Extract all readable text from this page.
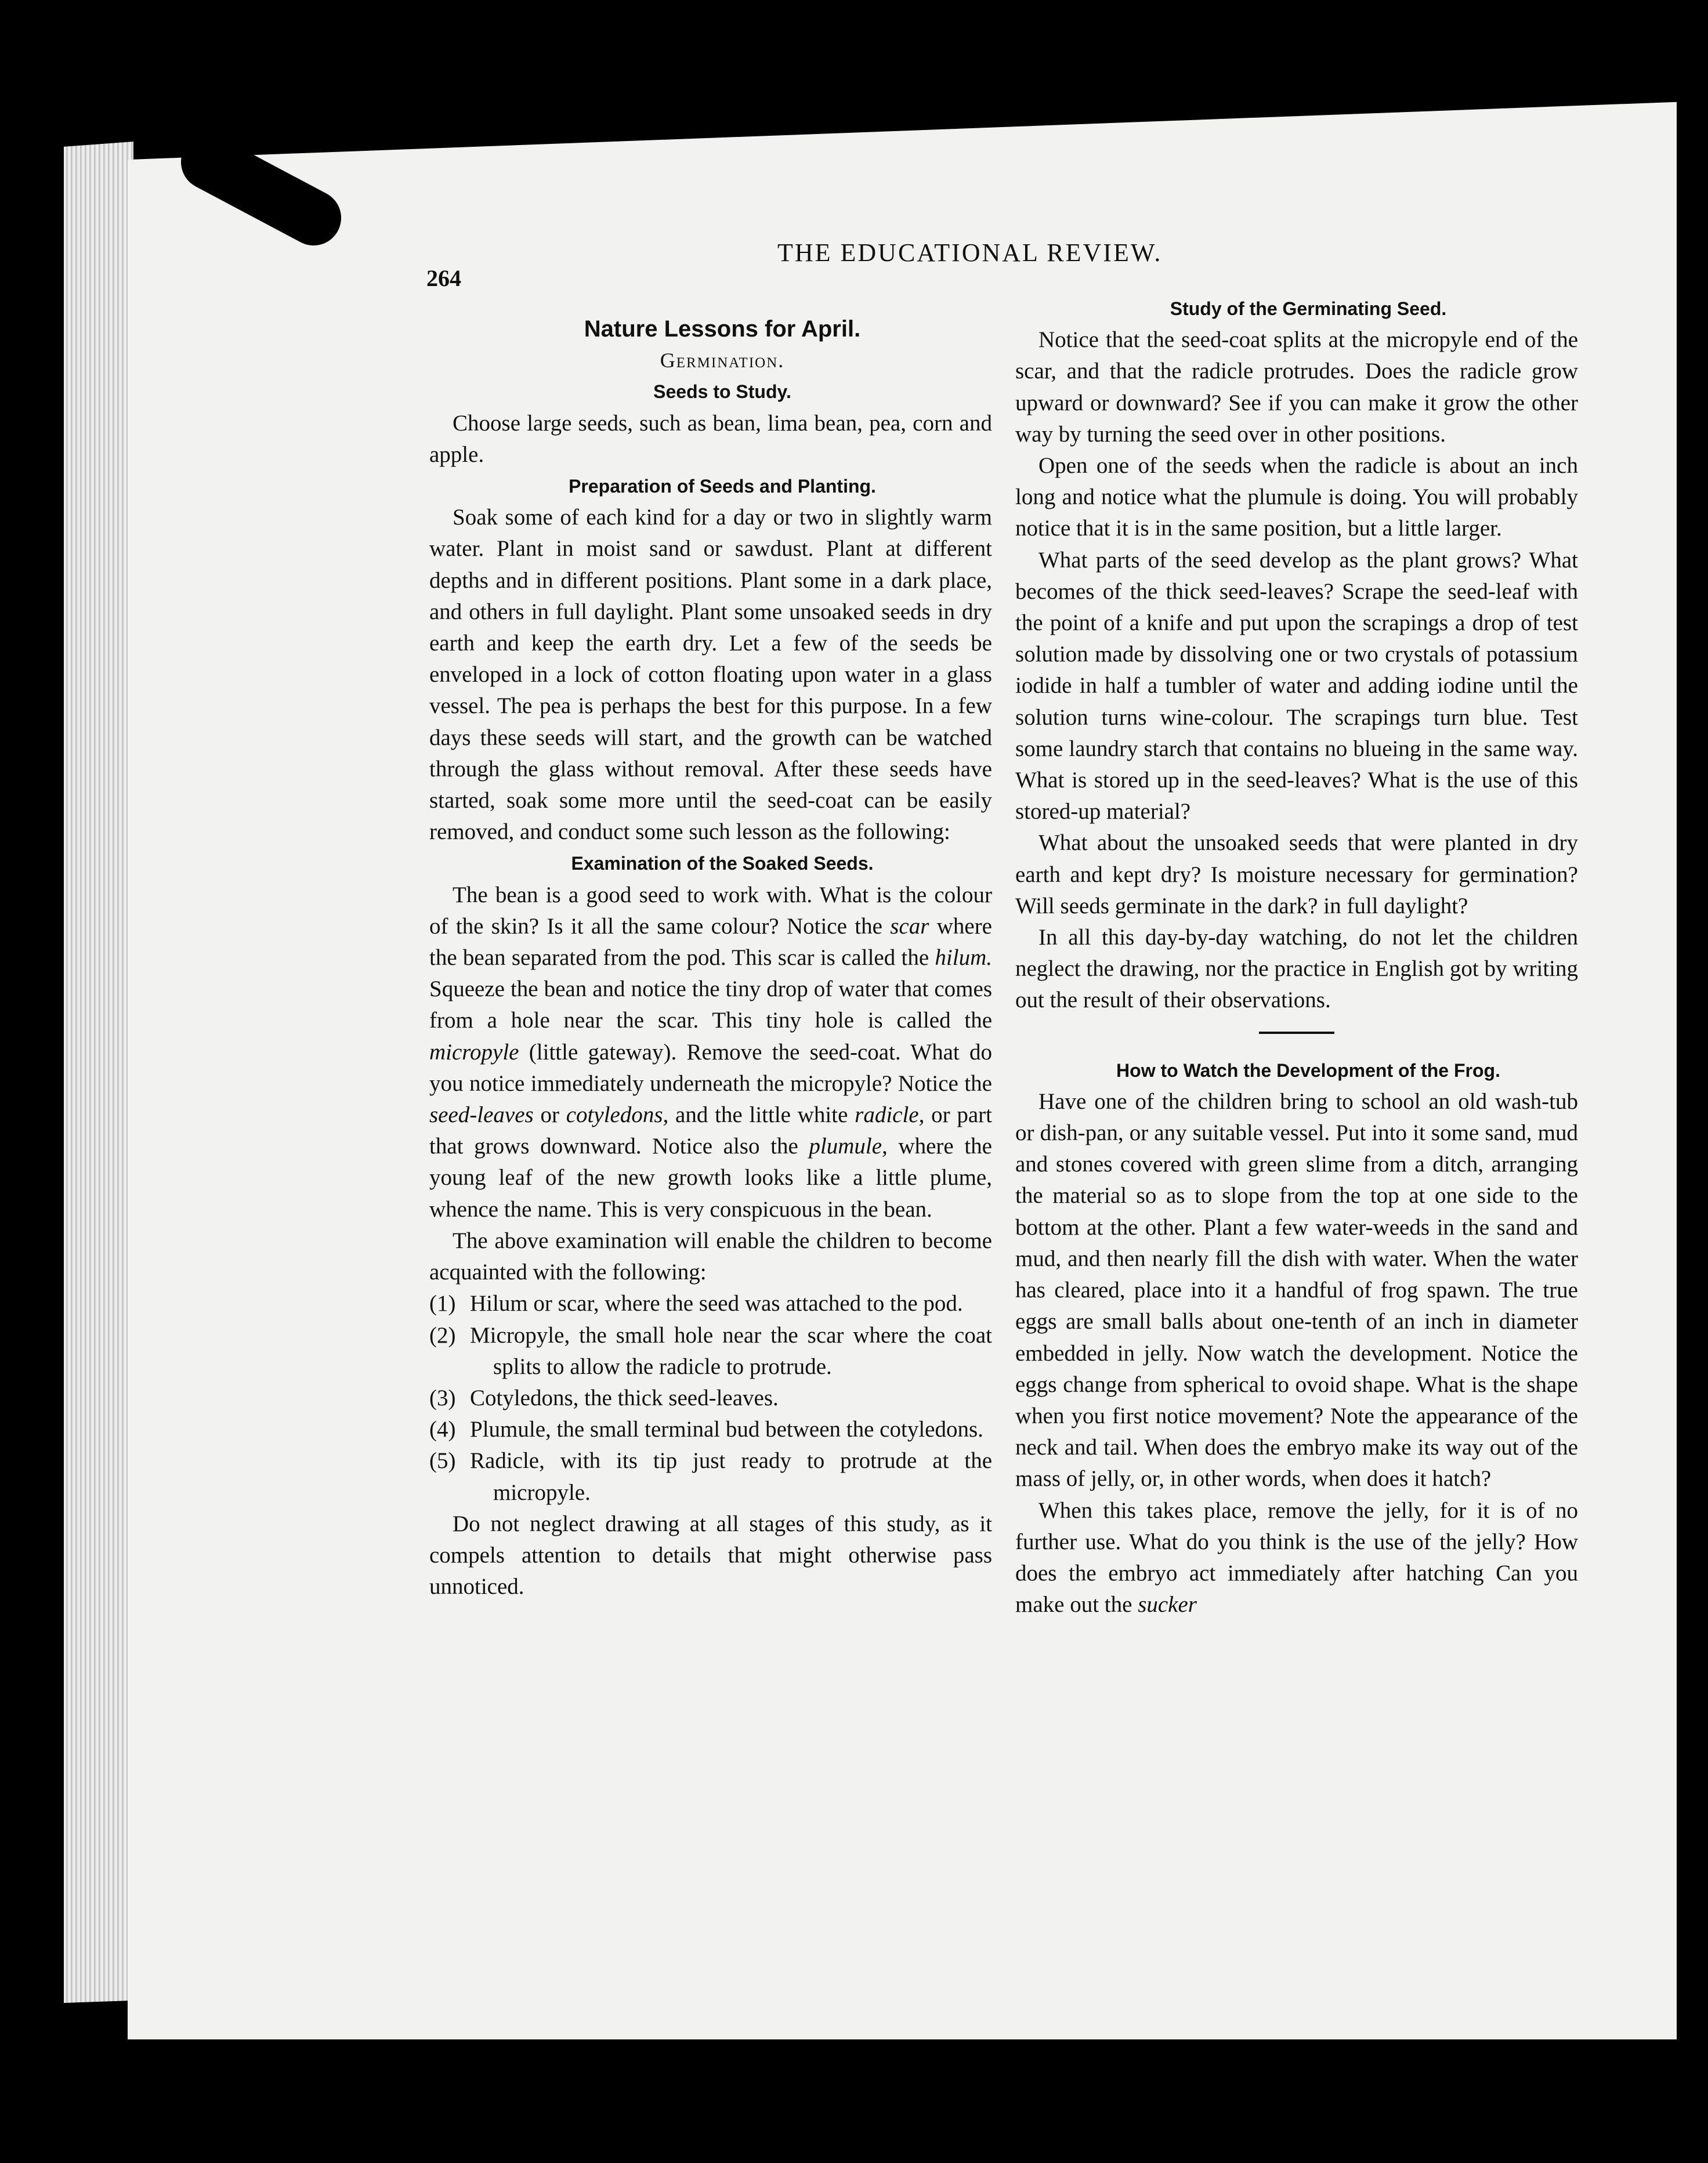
264
THE EDUCATIONAL REVIEW.

Nature Lessons for April.

Germination.

Seeds to Study.

Choose large seeds, such as bean, lima bean, pea, corn and apple.

Preparation of Seeds and Planting.

Soak some of each kind for a day or two in slightly warm water. Plant in moist sand or sawdust. Plant at different depths and in different positions. Plant some in a dark place, and others in full daylight. Plant some unsoaked seeds in dry earth and keep the earth dry. Let a few of the seeds be enveloped in a lock of cotton floating upon water in a glass vessel. The pea is perhaps the best for this purpose. In a few days these seeds will start, and the growth can be watched through the glass without removal. After these seeds have started, soak some more until the seed-coat can be easily removed, and conduct some such lesson as the following:

Examination of the Soaked Seeds.

The bean is a good seed to work with. What is the colour of the skin? Is it all the same colour? Notice the scar where the bean separated from the pod. This scar is called the hilum. Squeeze the bean and notice the tiny drop of water that comes from a hole near the scar. This tiny hole is called the micropyle (little gateway). Remove the seed-coat. What do you notice immediately underneath the micropyle? Notice the seed-leaves or cotyledons, and the little white radicle, or part that grows downward. Notice also the plumule, where the young leaf of the new growth looks like a little plume, whence the name. This is very conspicuous in the bean.

The above examination will enable the children to become acquainted with the following:

(1) Hilum or scar, where the seed was attached to the pod.
(2) Micropyle, the small hole near the scar where the coat splits to allow the radicle to protrude.
(3) Cotyledons, the thick seed-leaves.
(4) Plumule, the small terminal bud between the cotyledons.
(5) Radicle, with its tip just ready to protrude at the micropyle.

Do not neglect drawing at all stages of this study, as it compels attention to details that might otherwise pass unnoticed.

Study of the Germinating Seed.

Notice that the seed-coat splits at the micropyle end of the scar, and that the radicle protrudes. Does the radicle grow upward or downward? See if you can make it grow the other way by turning the seed over in other positions.

Open one of the seeds when the radicle is about an inch long and notice what the plumule is doing. You will probably notice that it is in the same position, but a little larger.

What parts of the seed develop as the plant grows? What becomes of the thick seed-leaves? Scrape the seed-leaf with the point of a knife and put upon the scrapings a drop of test solution made by dissolving one or two crystals of potassium iodide in half a tumbler of water and adding iodine until the solution turns wine-colour. The scrapings turn blue. Test some laundry starch that contains no blueing in the same way. What is stored up in the seed-leaves? What is the use of this stored-up material?

What about the unsoaked seeds that were planted in dry earth and kept dry? Is moisture necessary for germination? Will seeds germinate in the dark? in full daylight?

In all this day-by-day watching, do not let the children neglect the drawing, nor the practice in English got by writing out the result of their observations.

How to Watch the Development of the Frog.

Have one of the children bring to school an old wash-tub or dish-pan, or any suitable vessel. Put into it some sand, mud and stones covered with green slime from a ditch, arranging the material so as to slope from the top at one side to the bottom at the other. Plant a few water-weeds in the sand and mud, and then nearly fill the dish with water. When the water has cleared, place into it a handful of frog spawn. The true eggs are small balls about one-tenth of an inch in diameter embedded in jelly. Now watch the development. Notice the eggs change from spherical to ovoid shape. What is the shape when you first notice movement? Note the appearance of the neck and tail. When does the embryo make its way out of the mass of jelly, or, in other words, when does it hatch?

When this takes place, remove the jelly, for it is of no further use. What do you think is the use of the jelly? How does the embryo act immediately after hatching Can you make out the sucker
